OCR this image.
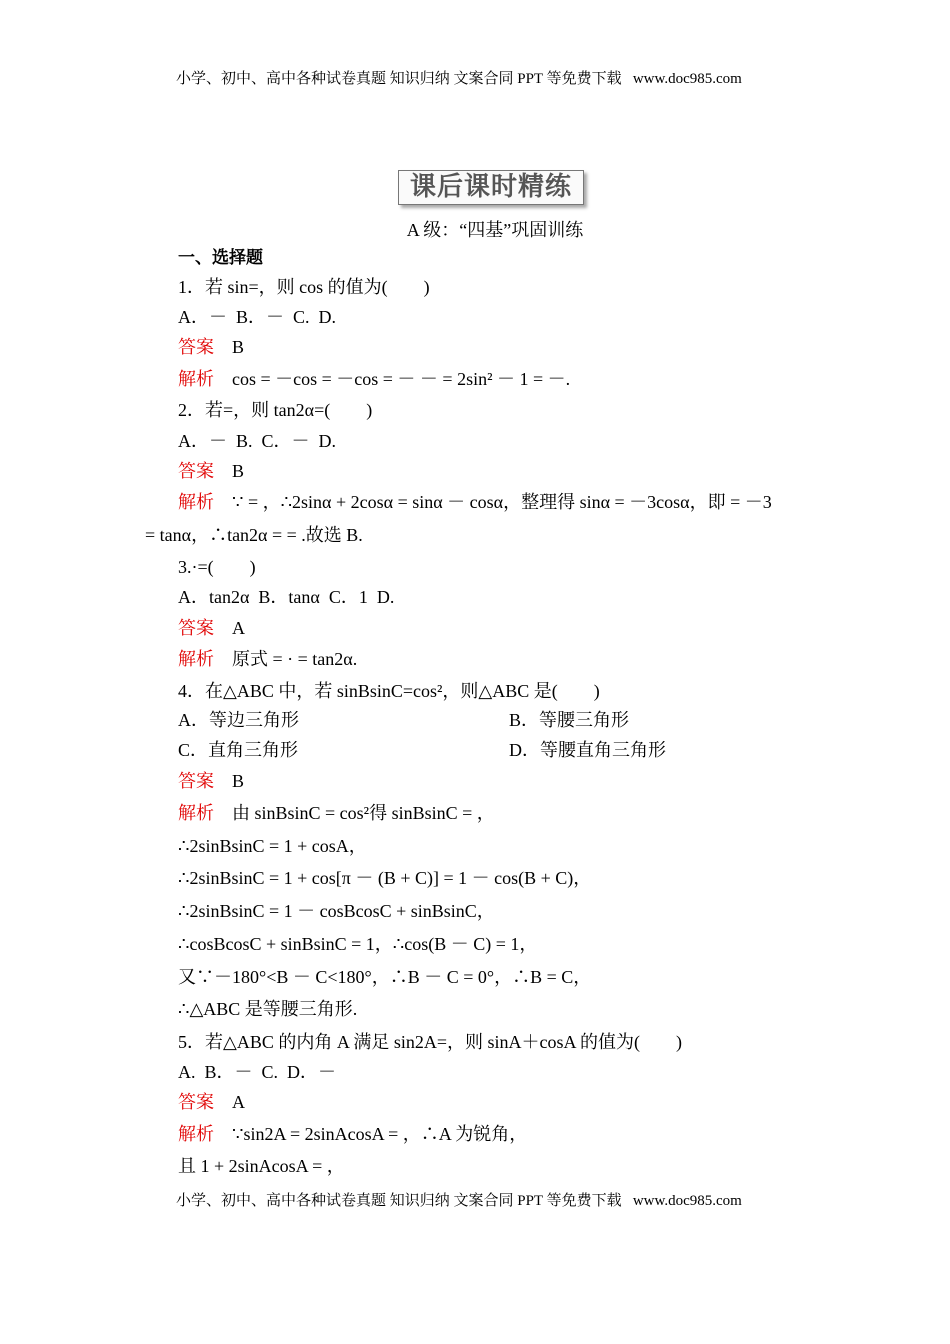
小学、初中、高中各种试卷真题 知识归纳 文案合同 PPT 等免费下载   www.doc985.com
课后课时精练
A 级：“四基”巩固训练
一、选择题
1．若 sin=，则 cos 的值为(        )
A．－  B．－  C.  D.
答案 B
解析 cos = －cos = －cos = － － = 2sin² － 1 = －.
2．若=，则 tan2α=(        )
A．－  B.  C．－  D.
答案 B
解析 ∵ = ，∴2sinα + 2cosα = sinα － cosα，整理得 sinα = －3cosα，即 = －3
= tanα，∴tan2α = = .故选 B.
3.·=(        )
A．tan2α  B．tanα  C．1  D.
答案 A
解析 原式 = · = tan2α.
4．在△ABC 中，若 sinBsinC=cos²，则△ABC 是(        )
A．等边三角形	B．等腰三角形
C．直角三角形	D．等腰直角三角形
答案 B
解析 由 sinBsinC = cos²得 sinBsinC = ，
∴2sinBsinC = 1 + cosA，
∴2sinBsinC = 1 + cos[π － (B + C)] = 1 － cos(B + C)，
∴2sinBsinC = 1 － cosBcosC + sinBsinC，
∴cosBcosC + sinBsinC = 1，∴cos(B － C) = 1，
又∵－180°<B － C<180°，∴B － C = 0°，∴B = C，
∴△ABC 是等腰三角形.
5．若△ABC 的内角 A 满足 sin2A=，则 sinA＋cosA 的值为(        )
A.  B．－  C.  D．－
答案 A
解析 ∵sin2A = 2sinAcosA = ，∴A 为锐角，
且 1 + 2sinAcosA = ，
小学、初中、高中各种试卷真题 知识归纳 文案合同 PPT 等免费下载   www.doc985.com
